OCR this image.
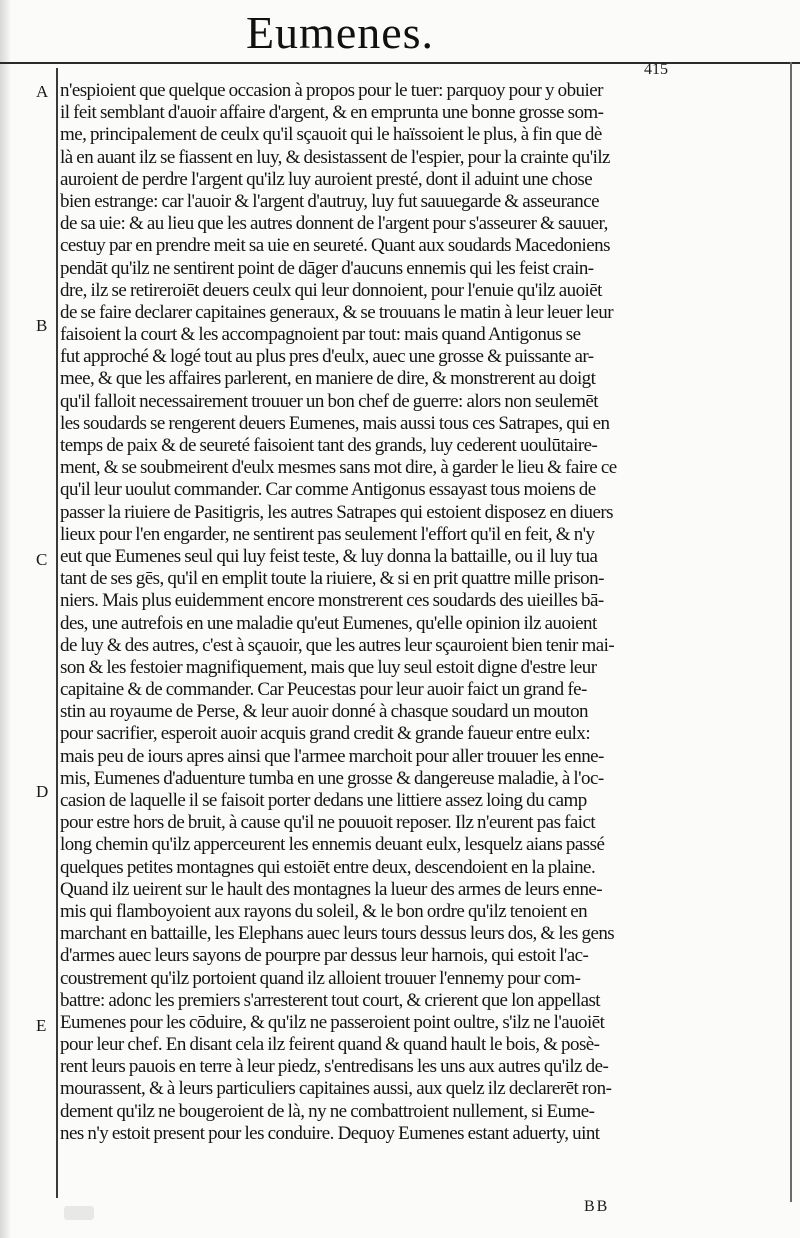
Eumenes.
415
A
B
C
D
E
n'espioient que quelque occasion à propos pour le tuer: parquoy pour y obuier
il feit semblant d'auoir affaire d'argent, & en emprunta une bonne grosse som-
me, principalement de ceulx qu'il sçauoit qui le haïssoient le plus, à fin que dè
là en auant ilz se fiassent en luy, & desistassent de l'espier, pour la crainte qu'ilz
auroient de perdre l'argent qu'ilz luy auroient presté, dont il aduint une chose
bien estrange: car l'auoir & l'argent d'autruy, luy fut sauuegarde & asseurance
de sa uie: & au lieu que les autres donnent de l'argent pour s'asseurer & sauuer,
cestuy par en prendre meit sa uie en seureté. Quant aux soudards Macedoniens
pendāt qu'ilz ne sentirent point de dāger d'aucuns ennemis qui les feist crain-
dre, ilz se retireroiēt deuers ceulx qui leur donnoient, pour l'enuie qu'ilz auoiēt
de se faire declarer capitaines generaux, & se trouuans le matin à leur leuer leur
faisoient la court & les accompagnoient par tout: mais quand Antigonus se
fut approché & logé tout au plus pres d'eulx, auec une grosse & puissante ar-
mee, & que les affaires parlerent, en maniere de dire, & monstrerent au doigt
qu'il falloit necessairement trouuer un bon chef de guerre: alors non seulemēt
les soudards se rengerent deuers Eumenes, mais aussi tous ces Satrapes, qui en
temps de paix & de seureté faisoient tant des grands, luy cederent uoulūtaire-
ment, & se soubmeirent d'eulx mesmes sans mot dire, à garder le lieu & faire ce
qu'il leur uoulut commander. Car comme Antigonus essayast tous moiens de
passer la riuiere de Pasitigris, les autres Satrapes qui estoient disposez en diuers
lieux pour l'en engarder, ne sentirent pas seulement l'effort qu'il en feit, & n'y
eut que Eumenes seul qui luy feist teste, & luy donna la battaille, ou il luy tua
tant de ses gēs, qu'il en emplit toute la riuiere, & si en prit quattre mille prison-
niers. Mais plus euidemment encore monstrerent ces soudards des uieilles bā-
des, une autrefois en une maladie qu'eut Eumenes, qu'elle opinion ilz auoient
de luy & des autres, c'est à sçauoir, que les autres leur sçauroient bien tenir mai-
son & les festoier magnifiquement, mais que luy seul estoit digne d'estre leur
capitaine & de commander. Car Peucestas pour leur auoir faict un grand fe-
stin au royaume de Perse, & leur auoir donné à chasque soudard un mouton
pour sacrifier, esperoit auoir acquis grand credit & grande faueur entre eulx:
mais peu de iours apres ainsi que l'armee marchoit pour aller trouuer les enne-
mis, Eumenes d'aduenture tumba en une grosse & dangereuse maladie, à l'oc-
casion de laquelle il se faisoit porter dedans une littiere assez loing du camp
pour estre hors de bruit, à cause qu'il ne pouuoit reposer. Ilz n'eurent pas faict
long chemin qu'ilz apperceurent les ennemis deuant eulx, lesquelz aians passé
quelques petites montagnes qui estoiēt entre deux, descendoient en la plaine.
Quand ilz ueirent sur le hault des montagnes la lueur des armes de leurs enne-
mis qui flamboyoient aux rayons du soleil, & le bon ordre qu'ilz tenoient en
marchant en battaille, les Elephans auec leurs tours dessus leurs dos, & les gens
d'armes auec leurs sayons de pourpre par dessus leur harnois, qui estoit l'ac-
coustrement qu'ilz portoient quand ilz alloient trouuer l'ennemy pour com-
battre: adonc les premiers s'arresterent tout court, & crierent que lon appellast
Eumenes pour les cōduire, & qu'ilz ne passeroient point oultre, s'ilz ne l'auoiēt
pour leur chef. En disant cela ilz feirent quand & quand hault le bois, & posè-
rent leurs pauois en terre à leur piedz, s'entredisans les uns aux autres qu'ilz de-
mourassent, & à leurs particuliers capitaines aussi, aux quelz ilz declarerēt ron-
dement qu'ilz ne bougeroient de là, ny ne combattroient nullement, si Eume-
nes n'y estoit present pour les conduire. Dequoy Eumenes estant aduerty, uint
BB
